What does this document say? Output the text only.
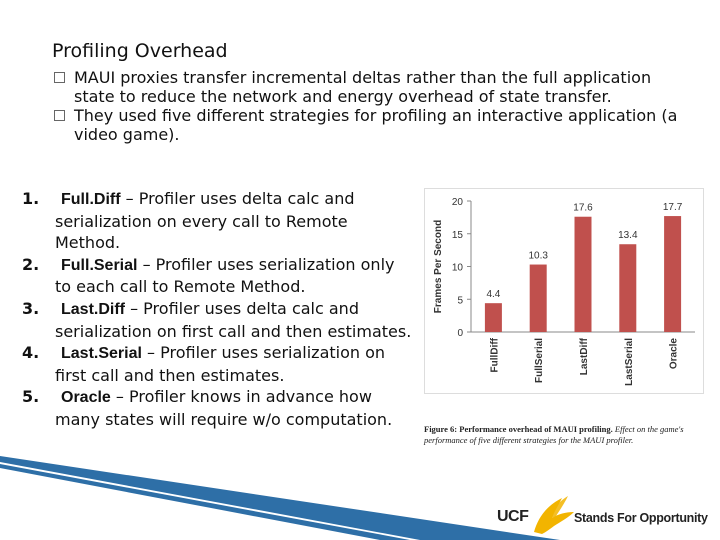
Profiling Overhead
MAUI proxies transfer incremental deltas rather than the full application state to reduce the network and energy overhead of state transfer.
They used five different strategies for profiling an interactive application (a video game).
1. Full.Diff – Profiler uses delta calc and serialization on every call to Remote Method.
2. Full.Serial – Profiler uses serialization only to each call to Remote Method.
3. Last.Diff – Profiler uses delta calc and serialization on first call and then estimates.
4. Last.Serial – Profiler uses serialization on first call and then estimates.
5. Oracle – Profiler knows in advance how many states will require w/o computation.
0
5
10
15
20
Frames Per Second	4.4
FullDiff
10.3
FullSerial
17.6
LastDiff
13.4
LastSerial
17.7
Oracle
Figure 6: Performance overhead of MAUI profiling. Effect on the game's performance of five different strategies for the MAUI profiler.
UCF	Stands For Opportunity
